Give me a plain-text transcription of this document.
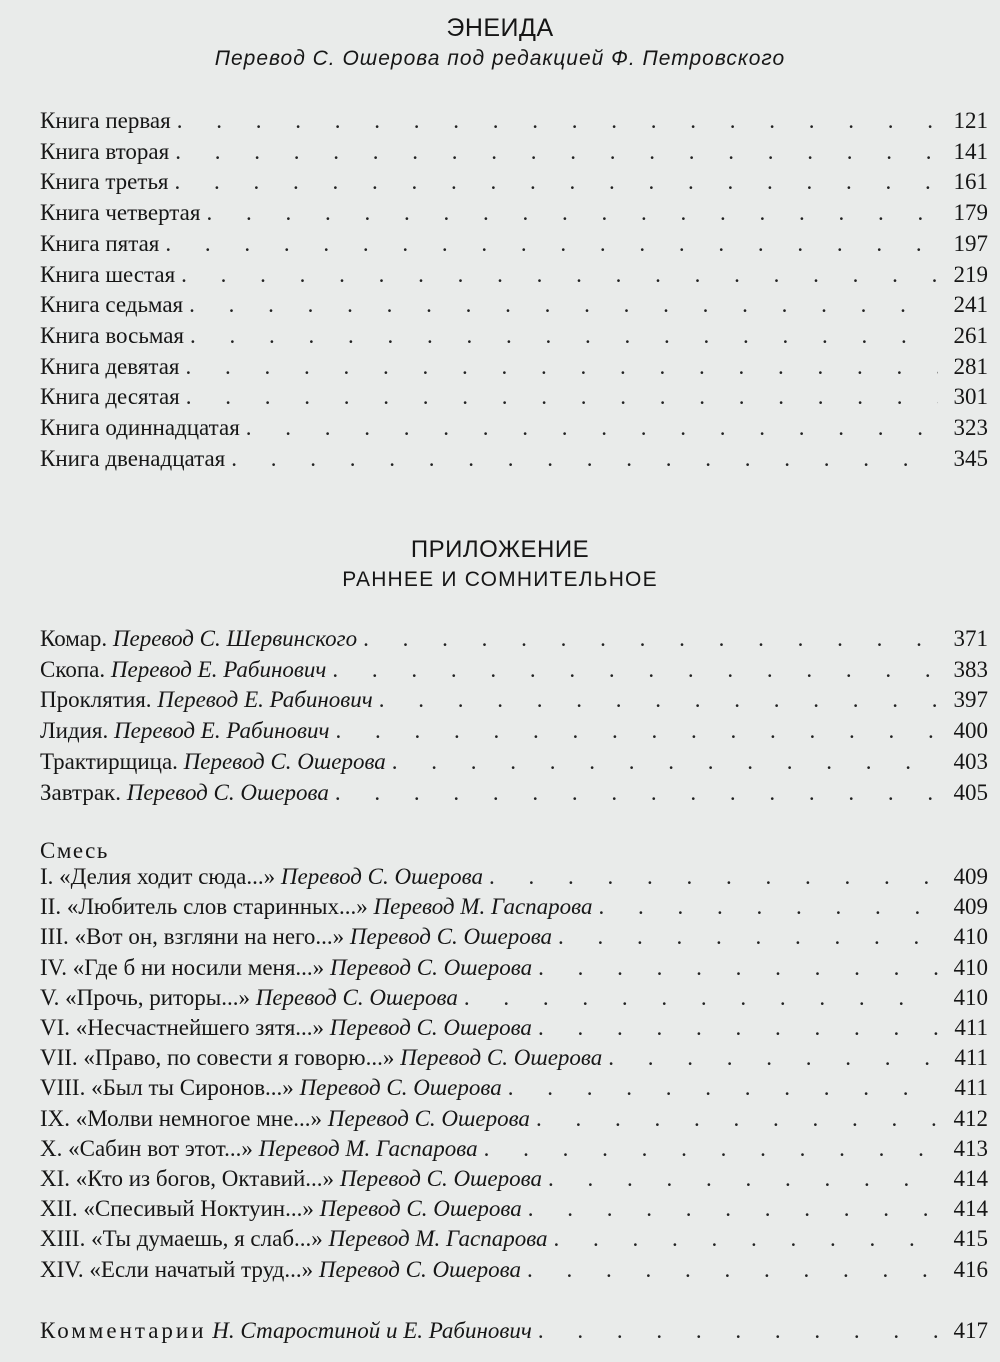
ЭНЕИДА
Перевод С. Ошерова под редакцией Ф. Петровского
Книга первая . . .	121
Книга вторая . . .	141
Книга третья . . .	161
Книга четвертая . . .	179
Книга пятая . . .	197
Книга шестая . . .	219
Книга седьмая . . .	241
Книга восьмая . . .	261
Книга девятая . . .	281
Книга десятая . . .	301
Книга одиннадцатая . . .	323
Книга двенадцатая . . .	345
ПРИЛОЖЕНИЕ
РАННЕЕ И СОМНИТЕЛЬНОЕ
Комар. Перевод С. Шервинского . . .	371
Скопа. Перевод Е. Рабинович . . .	383
Проклятия. Перевод Е. Рабинович . . .	397
Лидия. Перевод Е. Рабинович . . .	400
Трактирщица. Перевод С. Ошерова . . .	403
Завтрак. Перевод С. Ошерова . . .	405
Смесь
I. «Делия ходит сюда...» Перевод С. Ошерова . . .	409
II. «Любитель слов старинных...» Перевод М. Гаспарова . . .	409
III. «Вот он, взгляни на него...» Перевод С. Ошерова . . .	410
IV. «Где б ни носили меня...» Перевод С. Ошерова . . .	410
V. «Прочь, риторы...» Перевод С. Ошерова . . .	410
VI. «Несчастнейшего зятя...» Перевод С. Ошерова . . .	411
VII. «Право, по совести я говорю...» Перевод С. Ошерова . . .	411
VIII. «Был ты Сиронов...» Перевод С. Ошерова . . .	411
IX. «Молви немногое мне...» Перевод С. Ошерова . . .	412
X. «Сабин вот этот...» Перевод М. Гаспарова . . .	413
XI. «Кто из богов, Октавий...» Перевод С. Ошерова . . .	414
XII. «Спесивый Ноктуин...» Перевод С. Ошерова . . .	414
XIII. «Ты думаешь, я слаб...» Перевод М. Гаспарова . . .	415
XIV. «Если начатый труд...» Перевод С. Ошерова . . .	416
Комментарии Н. Старостиной и Е. Рабинович . . .	417
